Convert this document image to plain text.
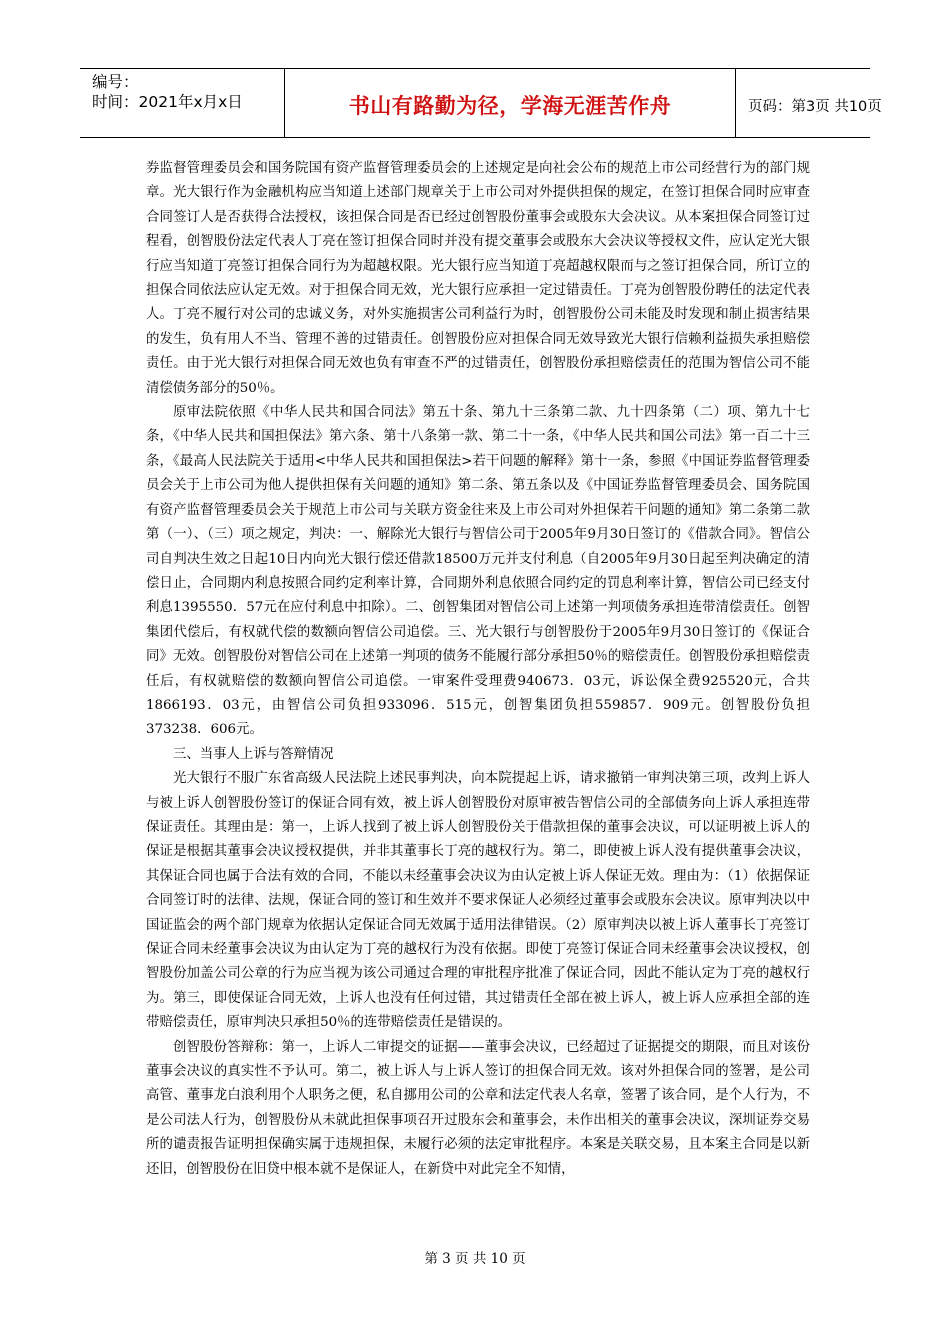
编号：
时间：2021年x月x日	书山有路勤为径，学海无涯苦作舟	页码：第3页 共10页

券监督管理委员会和国务院国有资产监督管理委员会的上述规定是向社会公布的规范上市公司经营行为的部门规章。光大银行作为金融机构应当知道上述部门规章关于上市公司对外提供担保的规定，在签订担保合同时应审查合同签订人是否获得合法授权，该担保合同是否已经过创智股份董事会或股东大会决议。从本案担保合同签订过程看，创智股份法定代表人丁亮在签订担保合同时并没有提交董事会或股东大会决议等授权文件，应认定光大银行应当知道丁亮签订担保合同行为为超越权限。光大银行应当知道丁亮超越权限而与之签订担保合同，所订立的担保合同依法应认定无效。对于担保合同无效，光大银行应承担一定过错责任。丁亮为创智股份聘任的法定代表人。丁亮不履行对公司的忠诚义务，对外实施损害公司利益行为时，创智股份公司未能及时发现和制止损害结果的发生，负有用人不当、管理不善的过错责任。创智股份应对担保合同无效导致光大银行信赖利益损失承担赔偿责任。由于光大银行对担保合同无效也负有审查不严的过错责任，创智股份承担赔偿责任的范围为智信公司不能清偿债务部分的50％。

原审法院依照《中华人民共和国合同法》第五十条、第九十三条第二款、九十四条第（二）项、第九十七条，《中华人民共和国担保法》第六条、第十八条第一款、第二十一条，《中华人民共和国公司法》第一百二十三条，《最高人民法院关于适用<中华人民共和国担保法>若干问题的解释》第十一条，参照《中国证券监督管理委员会关于上市公司为他人提供担保有关问题的通知》第二条、第五条以及《中国证券监督管理委员会、国务院国有资产监督管理委员会关于规范上市公司与关联方资金往来及上市公司对外担保若干问题的通知》第二条第二款第（一）、（三）项之规定，判决：一、解除光大银行与智信公司于2005年9月30日签订的《借款合同》。智信公司自判决生效之日起10日内向光大银行偿还借款18500万元并支付利息（自2005年9月30日起至判决确定的清偿日止，合同期内利息按照合同约定利率计算，合同期外利息依照合同约定的罚息利率计算，智信公司已经支付利息1395550．57元在应付利息中扣除）。二、创智集团对智信公司上述第一判项债务承担连带清偿责任。创智集团代偿后，有权就代偿的数额向智信公司追偿。三、光大银行与创智股份于2005年9月30日签订的《保证合同》无效。创智股份对智信公司在上述第一判项的债务不能履行部分承担50％的赔偿责任。创智股份承担赔偿责任后，有权就赔偿的数额向智信公司追偿。一审案件受理费940673．03元，诉讼保全费925520元，合共1866193．03元，由智信公司负担933096．515元，创智集团负担559857．909元。创智股份负担373238．606元。

三、当事人上诉与答辩情况

光大银行不服广东省高级人民法院上述民事判决，向本院提起上诉，请求撤销一审判决第三项，改判上诉人与被上诉人创智股份签订的保证合同有效，被上诉人创智股份对原审被告智信公司的全部债务向上诉人承担连带保证责任。其理由是：第一，上诉人找到了被上诉人创智股份关于借款担保的董事会决议，可以证明被上诉人的保证是根据其董事会决议授权提供，并非其董事长丁亮的越权行为。第二，即使被上诉人没有提供董事会决议，其保证合同也属于合法有效的合同，不能以未经董事会决议为由认定被上诉人保证无效。理由为：（1）依据保证合同签订时的法律、法规，保证合同的签订和生效并不要求保证人必须经过董事会或股东会决议。原审判决以中国证监会的两个部门规章为依据认定保证合同无效属于适用法律错误。（2）原审判决以被上诉人董事长丁亮签订保证合同未经董事会决议为由认定为丁亮的越权行为没有依据。即使丁亮签订保证合同未经董事会决议授权，创智股份加盖公司公章的行为应当视为该公司通过合理的审批程序批准了保证合同，因此不能认定为丁亮的越权行为。第三，即使保证合同无效，上诉人也没有任何过错，其过错责任全部在被上诉人，被上诉人应承担全部的连带赔偿责任，原审判决只承担50％的连带赔偿责任是错误的。

创智股份答辩称：第一，上诉人二审提交的证据——董事会决议，已经超过了证据提交的期限，而且对该份董事会决议的真实性不予认可。第二，被上诉人与上诉人签订的担保合同无效。该对外担保合同的签署，是公司高管、董事龙白浪利用个人职务之便，私自挪用公司的公章和法定代表人名章，签署了该合同，是个人行为，不是公司法人行为，创智股份从未就此担保事项召开过股东会和董事会，未作出相关的董事会决议，深圳证券交易所的谴责报告证明担保确实属于违规担保，未履行必须的法定审批程序。本案是关联交易，且本案主合同是以新还旧，创智股份在旧贷中根本就不是保证人，在新贷中对此完全不知情，

第 3 页 共 10 页
